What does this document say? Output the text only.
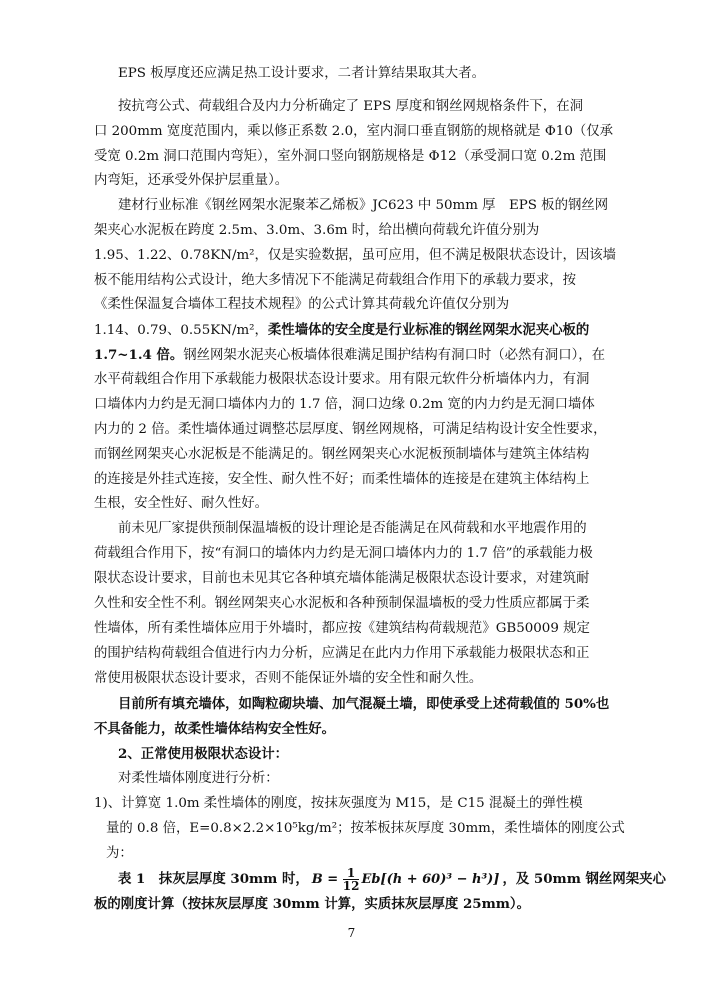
EPS 板厚度还应满足热工设计要求，二者计算结果取其大者。
按抗弯公式、荷载组合及内力分析确定了 EPS 厚度和钢丝网规格条件下，在洞
口 200mm 宽度范围内，乘以修正系数 2.0，室内洞口垂直钢筋的规格就是 Φ10（仅承
受宽 0.2m 洞口范围内弯矩），室外洞口竖向钢筋规格是 Φ12（承受洞口宽 0.2m 范围
内弯矩，还承受外保护层重量）。
建材行业标准《钢丝网架水泥聚苯乙烯板》JC623 中 50mm 厚　EPS 板的钢丝网
架夹心水泥板在跨度 2.5m、3.0m、3.6m 时，给出横向荷载允许值分别为
1.95、1.22、0.78KN/m²，仅是实验数据，虽可应用，但不满足极限状态设计，因该墙
板不能用结构公式设计，绝大多情况下不能满足荷载组合作用下的承载力要求，按
《柔性保温复合墙体工程技术规程》的公式计算其荷载允许值仅分别为
1.14、0.79、0.55KN/m²，柔性墙体的安全度是行业标准的钢丝网架水泥夹心板的
1.7~1.4 倍。钢丝网架水泥夹心板墙体很难满足围护结构有洞口时（必然有洞口），在
水平荷载组合作用下承载能力极限状态设计要求。用有限元软件分析墙体内力，有洞
口墙体内力约是无洞口墙体内力的 1.7 倍，洞口边缘 0.2m 宽的内力约是无洞口墙体
内力的 2 倍。柔性墙体通过调整芯层厚度、钢丝网规格，可满足结构设计安全性要求，
而钢丝网架夹心水泥板是不能满足的。钢丝网架夹心水泥板预制墙体与建筑主体结构
的连接是外挂式连接，安全性、耐久性不好；而柔性墙体的连接是在建筑主体结构上
生根，安全性好、耐久性好。
前未见厂家提供预制保温墙板的设计理论是否能满足在风荷载和水平地震作用的
荷载组合作用下，按“有洞口的墙体内力约是无洞口墙体内力的 1.7 倍”的承载能力极
限状态设计要求，目前也未见其它各种填充墙体能满足极限状态设计要求，对建筑耐
久性和安全性不利。钢丝网架夹心水泥板和各种预制保温墙板的受力性质应都属于柔
性墙体，所有柔性墙体应用于外墙时，都应按《建筑结构荷载规范》GB50009 规定
的围护结构荷载组合值进行内力分析，应满足在此内力作用下承载能力极限状态和正
常使用极限状态设计要求，否则不能保证外墙的安全性和耐久性。
目前所有填充墙体，如陶粒砌块墙、加气混凝土墙，即使承受上述荷载值的 50%也
不具备能力，故柔性墙体结构安全性好。
2、正常使用极限状态设计：
对柔性墙体刚度进行分析：
1)、计算宽 1.0m 柔性墙体的刚度，按抹灰强度为 M15，是 C15 混凝土的弹性模
量的 0.8 倍，E=0.8×2.2×10⁵kg/m²；按苯板抹灰厚度 30mm，柔性墙体的刚度公式
为：
表 1　抹灰层厚度 30mm 时， $B = \frac{1}{12} Eb[(h + 60)^3 - h^3)$] ，及 50mm 钢丝网架夹心
板的刚度计算（按抹灰层厚度 30mm 计算，实质抹灰层厚度 25mm）。
7
